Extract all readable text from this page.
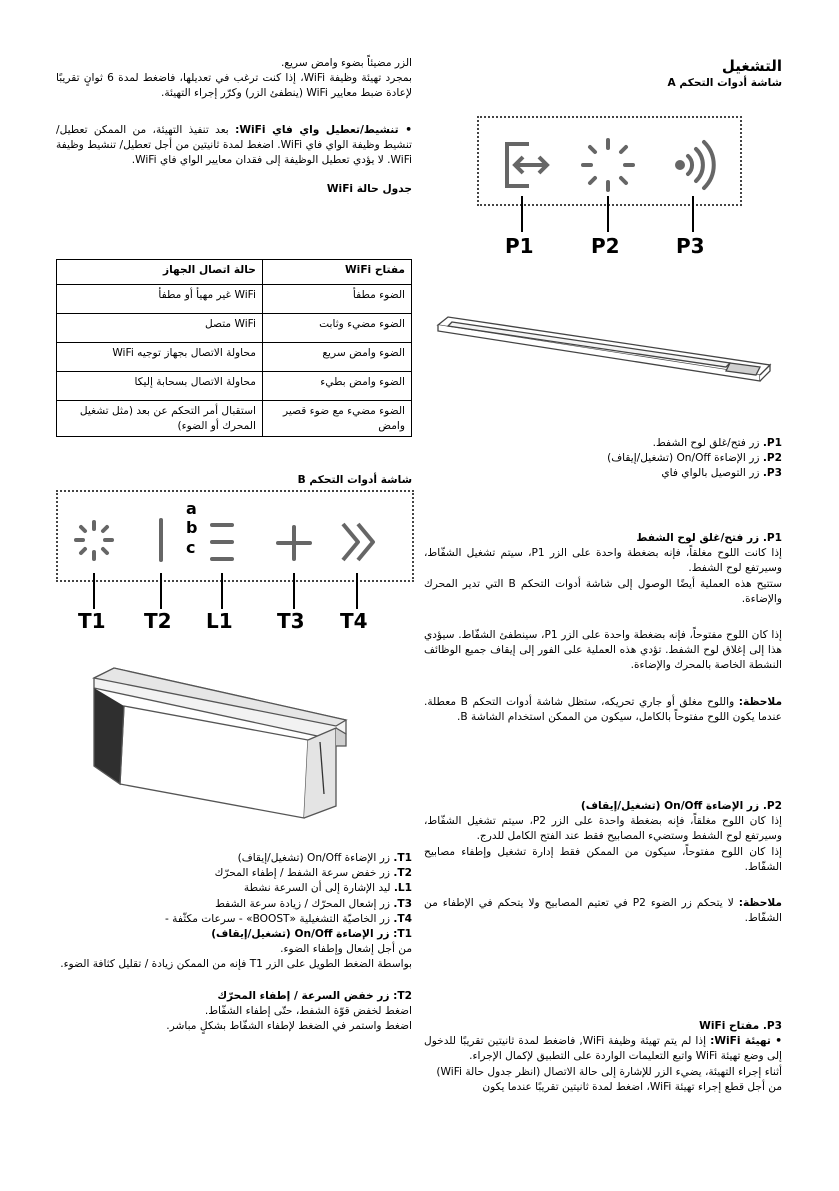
التشغيل
شاشة أدوات التحكم A
P1	P2	P3

P1. زر فتح/غلق لوح الشفط.

P2. زر الإضاءة On/Off (تشغيل/إيقاف)

P3. زر التوصيل بالواي فاي

P1. زر فتح/غلق لوح الشفط

إذا كانت اللوح مغلقاً، فإنه بضغطة واحدة على الزر P1، سيتم تشغيل الشفّاط، وسيرتفع لوح الشفط.

ستتيح هذه العملية أيضًا الوصول إلى شاشة أدوات التحكم B التي تدير المحرك والإضاءة.

إذا كان اللوح مفتوحاً، فإنه بضغطة واحدة على الزر P1، سينطفئ الشفّاط. سيؤدي هذا إلى إغلاق لوح الشفط. تؤدي هذه العملية على الفور إلى إيقاف جميع الوظائف النشطة الخاصة بالمحرك والإضاءة.

ملاحظة: واللوح مغلق أو جاري تحريكه، ستظل شاشة أدوات التحكم B معطلة. عندما يكون اللوح مفتوحاً بالكامل، سيكون من الممكن استخدام الشاشة B.

P2. زر الإضاءة On/Off (تشغيل/إيقاف)

إذا كان اللوح مغلقاً، فإنه بضغطة واحدة على الزر P2، سيتم تشغيل الشفّاط، وسيرتفع لوح الشفط وستضيء المصابيح فقط عند الفتح الكامل للدرج.

إذا كان اللوح مفتوحاً، سيكون من الممكن فقط إدارة تشغيل وإطفاء مصابيح الشفّاط.

ملاحظة: لا يتحكم زر الضوء P2 في تعتيم المصابيح ولا يتحكم في الإطفاء من الشفّاط.

P3. مفتاح WiFi

• تهيئة WiFi: إذا لم يتم تهيئة وظيفة WiFi, فاضغط لمدة ثانيتين تقريبًا للدخول إلى وضع تهيئة WiFi واتبع التعليمات الواردة على التطبيق لإكمال الإجراء.

أثناء إجراء التهيئة، يضيء الزر للإشارة إلى حالة الاتصال (انظر جدول حالة WiFi)

من أجل قطع إجراء تهيئة WiFi، اضغط لمدة ثانيتين تقريبًا عندما يكون

الزر مضيئاً بضوء وامض سريع.

بمجرد تهيئة وظيفة WiFi، إذا كنت ترغب في تعديلها، فاضغط لمدة 6 ثوانٍ تقريبًا لإعادة ضبط معايير WiFi (ينطفئ الزر) وكرّر إجراء التهيئة.

• تنشيط/تعطيل واي فاي WiFi: بعد تنفيذ التهيئة، من الممكن تعطيل/ تنشيط وظيفة الواي فاي WiFi. اضغط لمدة ثانيتين من أجل تعطيل/ تنشيط وظيفة WiFi. لا يؤدي تعطيل الوظيفة إلى فقدان معايير الواي فاي WiFi.

جدول حالة WiFi

مفتاح WiFi	حالة اتصال الجهاز
الضوء مطفأ	WiFi غير مهيأ أو مطفأ
الضوء مضيء وثابت	WiFi متصل
الضوء وامض سريع	محاولة الاتصال بجهاز توجيه WiFi
الضوء وامض بطيء	محاولة الاتصال بسحابة إليكا
الضوء مضيء مع ضوء قصير وامض	استقبال أمر التحكم عن بعد (مثل تشغيل المحرك أو الضوء)
شاشة أدوات التحكم B
a
b
c
T1 T2 L1 T3 T4

T1. زر الإضاءة On/Off (تشغيل/إيقاف)

T2. زر خفض سرعة الشفط / إطفاء المحرّك

L1. ليد الإشارة إلى أن السرعة نشطة

T3. زر إشعال المحرّك / زيادة سرعة الشفط

T4. زر الخاصيّة التشغيلية «BOOST» - سرعات مكثّفة -

T1: زر الإضاءة On/Off (تشغيل/إيقاف)

من أجل إشعال وإطفاء الضوء.

بواسطة الضغط الطويل على الزر T1 فإنه من الممكن زيادة / تقليل كثافة الضوء.

T2: زر خفض السرعة / إطفاء المحرّك

اضغط لخفض قوّة الشفط، حتّى إطفاء الشفّاط.

اضغط واستمر في الضغط لإطفاء الشفّاط بشكلٍ مباشر.
